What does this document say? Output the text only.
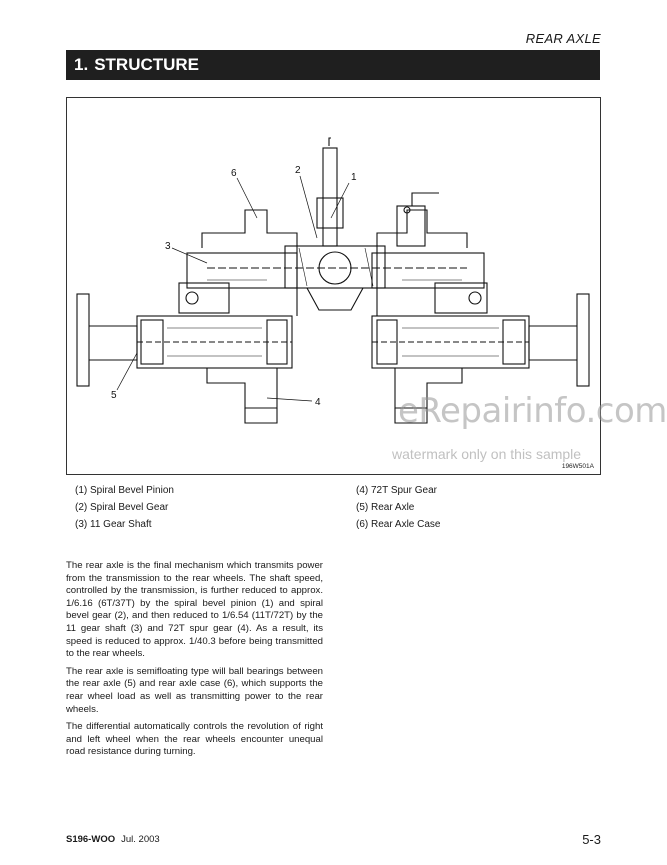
REAR AXLE
1. STRUCTURE
1
2
3
4
5
6
196W501A
eRepairinfo.com
watermark only on this sample
(1) Spiral Bevel Pinion
(2) Spiral Bevel Gear
(3) 11 Gear Shaft
(4) 72T Spur Gear
(5) Rear Axle
(6) Rear Axle Case

The rear axle is the final mechanism which transmits power from the transmission to the rear wheels. The shaft speed, controlled by the transmission, is further reduced to approx. 1/6.16 (6T/37T) by the spiral bevel pinion (1) and spiral bevel gear (2), and then reduced to 1/6.54 (11T/72T) by the 11 gear shaft (3) and 72T spur gear (4). As a result, its speed is reduced to approx. 1/40.3 before being transmitted to the rear wheels.

The rear axle is semifloating type will ball bearings between the rear axle (5) and rear axle case (6), which supports the rear wheel load as well as transmitting power to the rear wheels.

The differential automatically controls the revolution of right and left wheel when the rear wheels encounter unequal road resistance during turning.

S196-WOO Jul. 2003	5-3
